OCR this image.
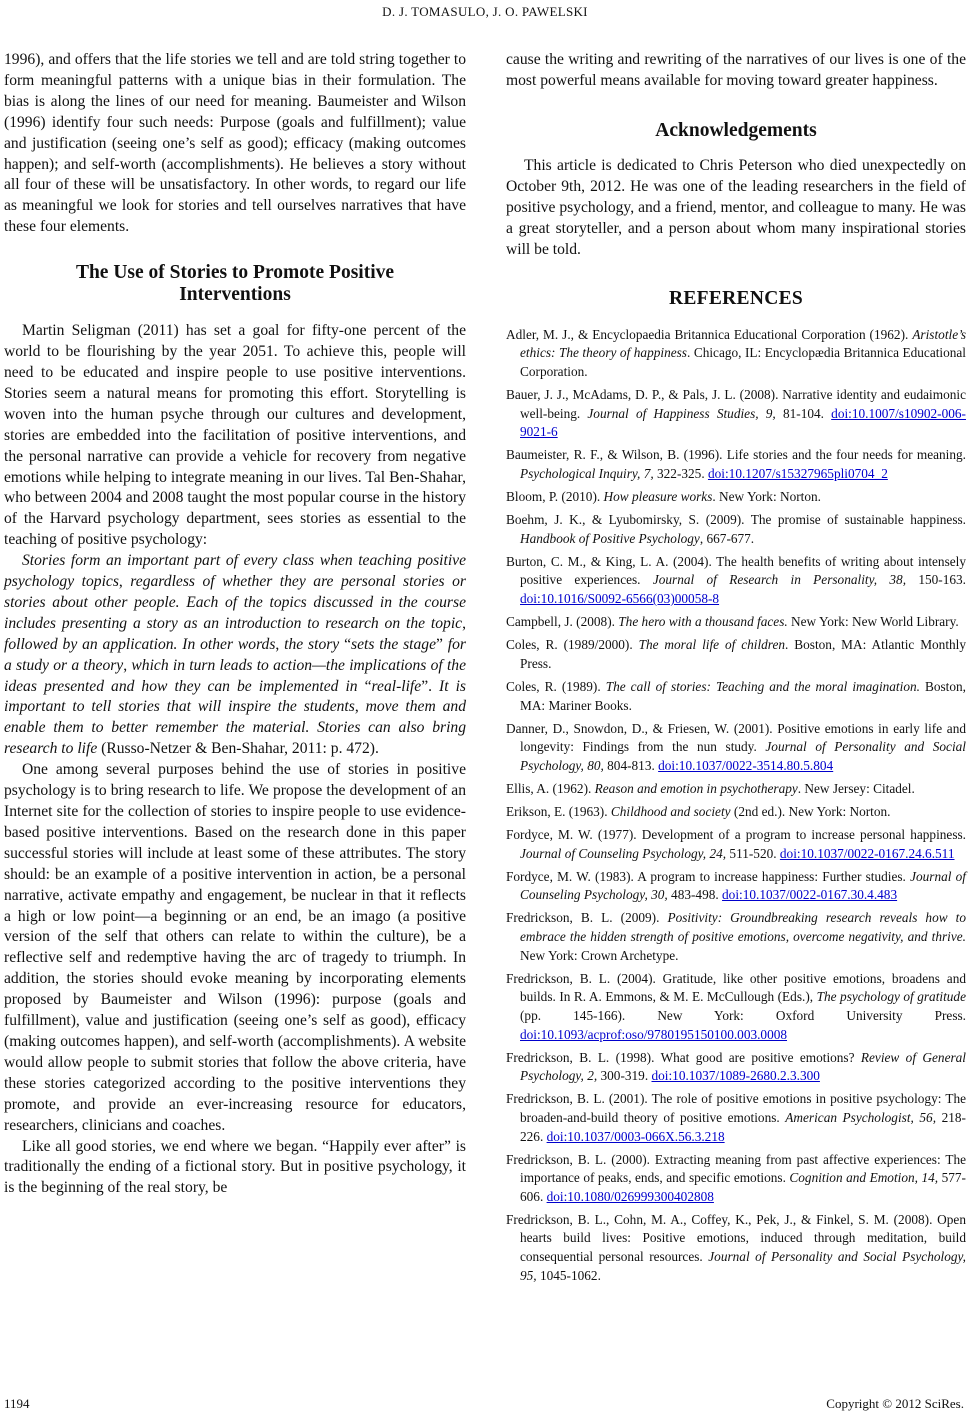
D. J. TOMASULO, J. O. PAWELSKI

1996), and offers that the life stories we tell and are told string together to form meaningful patterns with a unique bias in their formulation. The bias is along the lines of our need for meaning. Baumeister and Wilson (1996) identify four such needs: Purpose (goals and fulfillment); value and justification (seeing one’s self as good); efficacy (making outcomes happen); and self-worth (accomplishments). He believes a story without all four of these will be unsatisfactory. In other words, to regard our life as meaningful we look for stories and tell ourselves narratives that have these four elements.

The Use of Stories to Promote Positive
Interventions

Martin Seligman (2011) has set a goal for fifty-one percent of the world to be flourishing by the year 2051. To achieve this, people will need to be educated and inspire people to use positive interventions. Stories seem a natural means for promoting this effort. Storytelling is woven into the human psyche through our cultures and development, stories are embedded into the facilitation of positive interventions, and the personal narrative can provide a vehicle for recovery from negative emotions while helping to integrate meaning in our lives. Tal Ben-Shahar, who between 2004 and 2008 taught the most popular course in the history of the Harvard psychology department, sees stories as essential to the teaching of positive psychology:

Stories form an important part of every class when teaching positive psychology topics, regardless of whether they are personal stories or stories about other people. Each of the topics discussed in the course includes presenting a story as an introduction to research on the topic, followed by an application. In other words, the story “sets the stage” for a study or a theory, which in turn leads to action—the implications of the ideas presented and how they can be implemented in “real-life”. It is important to tell stories that will inspire the students, move them and enable them to better remember the material. Stories can also bring research to life (Russo-Netzer & Ben-Shahar, 2011: p. 472).

One among several purposes behind the use of stories in positive psychology is to bring research to life. We propose the development of an Internet site for the collection of stories to inspire people to use evidence-based positive interventions. Based on the research done in this paper successful stories will include at least some of these attributes. The story should: be an example of a positive intervention in action, be a personal narrative, activate empathy and engagement, be nuclear in that it reflects a high or low point—a beginning or an end, be an imago (a positive version of the self that others can relate to within the culture), be a reflective self and redemptive having the arc of tragedy to triumph. In addition, the stories should evoke meaning by incorporating elements proposed by Baumeister and Wilson (1996): purpose (goals and fulfillment), value and justification (seeing one’s self as good), efficacy (making outcomes happen), and self-worth (accomplishments). A website would allow people to submit stories that follow the above criteria, have these stories categorized according to the positive interventions they promote, and provide an ever-increasing resource for educators, researchers, clinicians and coaches.

Like all good stories, we end where we began. “Happily ever after” is traditionally the ending of a fictional story. But in positive psychology, it is the beginning of the real story, be

cause the writing and rewriting of the narratives of our lives is one of the most powerful means available for moving toward greater happiness.

Acknowledgements

This article is dedicated to Chris Peterson who died unexpectedly on October 9th, 2012. He was one of the leading researchers in the field of positive psychology, and a friend, mentor, and colleague to many. He was a great storyteller, and a person about whom many inspirational stories will be told.

REFERENCES

Adler, M. J., & Encyclopaedia Britannica Educational Corporation (1962). Aristotle’s ethics: The theory of happiness. Chicago, IL: Encyclopædia Britannica Educational Corporation.

Bauer, J. J., McAdams, D. P., & Pals, J. L. (2008). Narrative identity and eudaimonic well-being. Journal of Happiness Studies, 9, 81-104. doi:10.1007/s10902-006-9021-6

Baumeister, R. F., & Wilson, B. (1996). Life stories and the four needs for meaning. Psychological Inquiry, 7, 322-325. doi:10.1207/s15327965pli0704_2

Bloom, P. (2010). How pleasure works. New York: Norton.

Boehm, J. K., & Lyubomirsky, S. (2009). The promise of sustainable happiness. Handbook of Positive Psychology, 667-677.

Burton, C. M., & King, L. A. (2004). The health benefits of writing about intensely positive experiences. Journal of Research in Personality, 38, 150-163. doi:10.1016/S0092-6566(03)00058-8

Campbell, J. (2008). The hero with a thousand faces. New York: New World Library.

Coles, R. (1989/2000). The moral life of children. Boston, MA: Atlantic Monthly Press.

Coles, R. (1989). The call of stories: Teaching and the moral imagination. Boston, MA: Mariner Books.

Danner, D., Snowdon, D., & Friesen, W. (2001). Positive emotions in early life and longevity: Findings from the nun study. Journal of Personality and Social Psychology, 80, 804-813. doi:10.1037/0022-3514.80.5.804

Ellis, A. (1962). Reason and emotion in psychotherapy. New Jersey: Citadel.

Erikson, E. (1963). Childhood and society (2nd ed.). New York: Norton.

Fordyce, M. W. (1977). Development of a program to increase personal happiness. Journal of Counseling Psychology, 24, 511-520. doi:10.1037/0022-0167.24.6.511

Fordyce, M. W. (1983). A program to increase happiness: Further studies. Journal of Counseling Psychology, 30, 483-498. doi:10.1037/0022-0167.30.4.483

Fredrickson, B. L. (2009). Positivity: Groundbreaking research reveals how to embrace the hidden strength of positive emotions, overcome negativity, and thrive. New York: Crown Archetype.

Fredrickson, B. L. (2004). Gratitude, like other positive emotions, broadens and builds. In R. A. Emmons, & M. E. McCullough (Eds.), The psychology of gratitude (pp. 145-166). New York: Oxford University Press. doi:10.1093/acprof:oso/9780195150100.003.0008

Fredrickson, B. L. (1998). What good are positive emotions? Review of General Psychology, 2, 300-319. doi:10.1037/1089-2680.2.3.300

Fredrickson, B. L. (2001). The role of positive emotions in positive psychology: The broaden-and-build theory of positive emotions. American Psychologist, 56, 218-226. doi:10.1037/0003-066X.56.3.218

Fredrickson, B. L. (2000). Extracting meaning from past affective experiences: The importance of peaks, ends, and specific emotions. Cognition and Emotion, 14, 577-606. doi:10.1080/026999300402808

Fredrickson, B. L., Cohn, M. A., Coffey, K., Pek, J., & Finkel, S. M. (2008). Open hearts build lives: Positive emotions, induced through meditation, build consequential personal resources. Journal of Personality and Social Psychology, 95, 1045-1062.

1194	Copyright © 2012 SciRes.
